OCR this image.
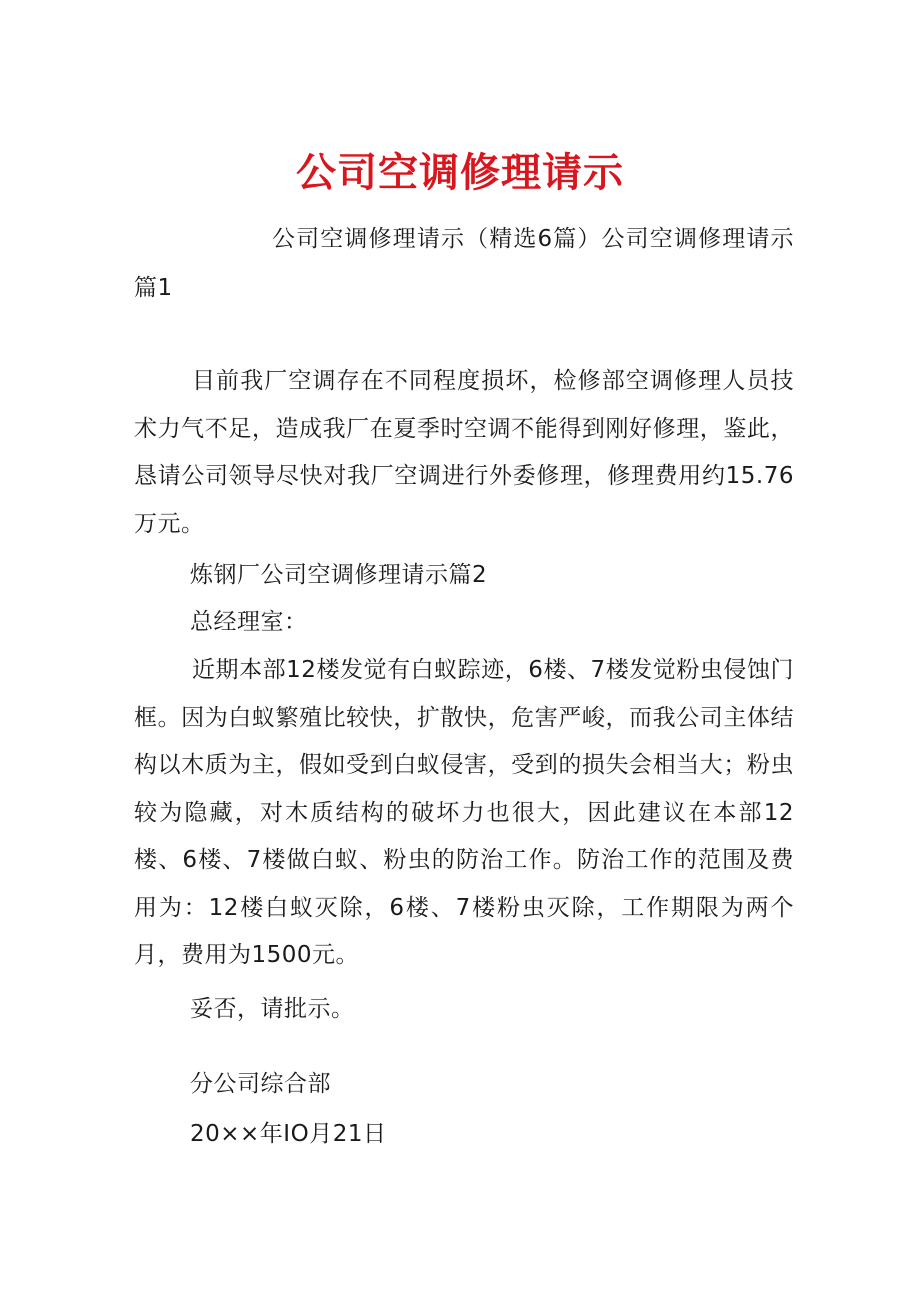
公司空调修理请示

公司空调修理请示（精选6篇）公司空调修理请示篇1

目前我厂空调存在不同程度损坏，检修部空调修理人员技术力气不足，造成我厂在夏季时空调不能得到刚好修理，鉴此，恳请公司领导尽快对我厂空调进行外委修理，修理费用约15.76万元。

炼钢厂公司空调修理请示篇2

总经理室：

近期本部12楼发觉有白蚁踪迹，6楼、7楼发觉粉虫侵蚀门框。因为白蚁繁殖比较快，扩散快，危害严峻，而我公司主体结构以木质为主，假如受到白蚁侵害，受到的损失会相当大；粉虫较为隐藏，对木质结构的破坏力也很大，因此建议在本部12楼、6楼、7楼做白蚁、粉虫的防治工作。防治工作的范围及费用为：12楼白蚁灭除，6楼、7楼粉虫灭除，工作期限为两个月，费用为1500元。

妥否，请批示。

分公司综合部

20××年IO月21日
